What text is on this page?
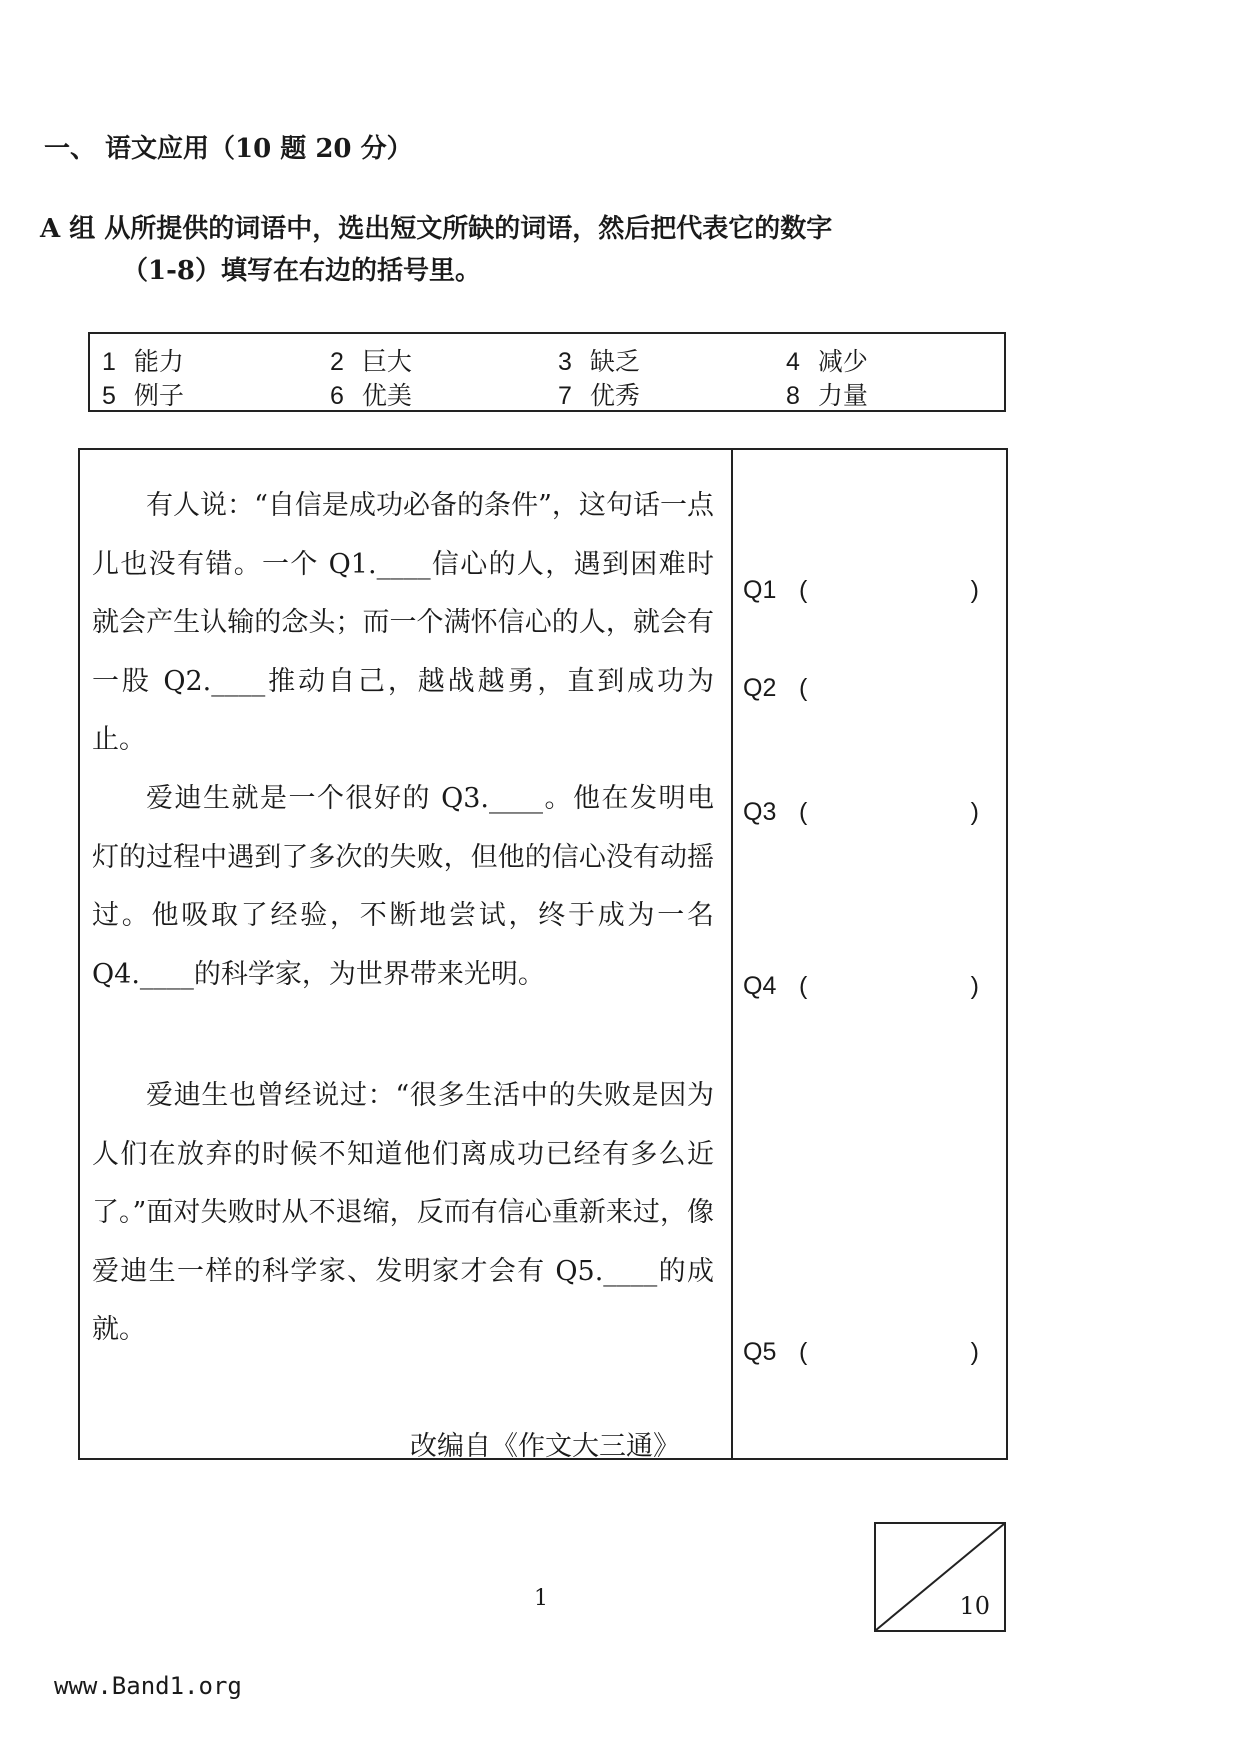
一、 语文应用（10 题 20 分）
A 组 从所提供的词语中，选出短文所缺的词语，然后把代表它的数字
（1-8）填写在右边的括号里。
1 能力	2 巨大	3 缺乏	4 减少
5 例子	6 优美	7 优秀	8 力量

有人说：“自信是成功必备的条件”，这句话一点儿也没有错。一个 Q1.____信心的人，遇到困难时就会产生认输的念头；而一个满怀信心的人，就会有一股 Q2.____推动自己，越战越勇，直到成功为止。

爱迪生就是一个很好的 Q3.____。他在发明电灯的过程中遇到了多次的失败，但他的信心没有动摇过。他吸取了经验，不断地尝试，终于成为一名 Q4.____的科学家，为世界带来光明。

爱迪生也曾经说过：“很多生活中的失败是因为人们在放弃的时候不知道他们离成功已经有多么近了。”面对失败时从不退缩，反而有信心重新来过，像爱迪生一样的科学家、发明家才会有 Q5.____的成就。

改编自《作文大三通》
Q1 (	)
Q2 (
Q3 (	)
Q4 (	)
Q5 (	)
1	10
www.Band1.org
